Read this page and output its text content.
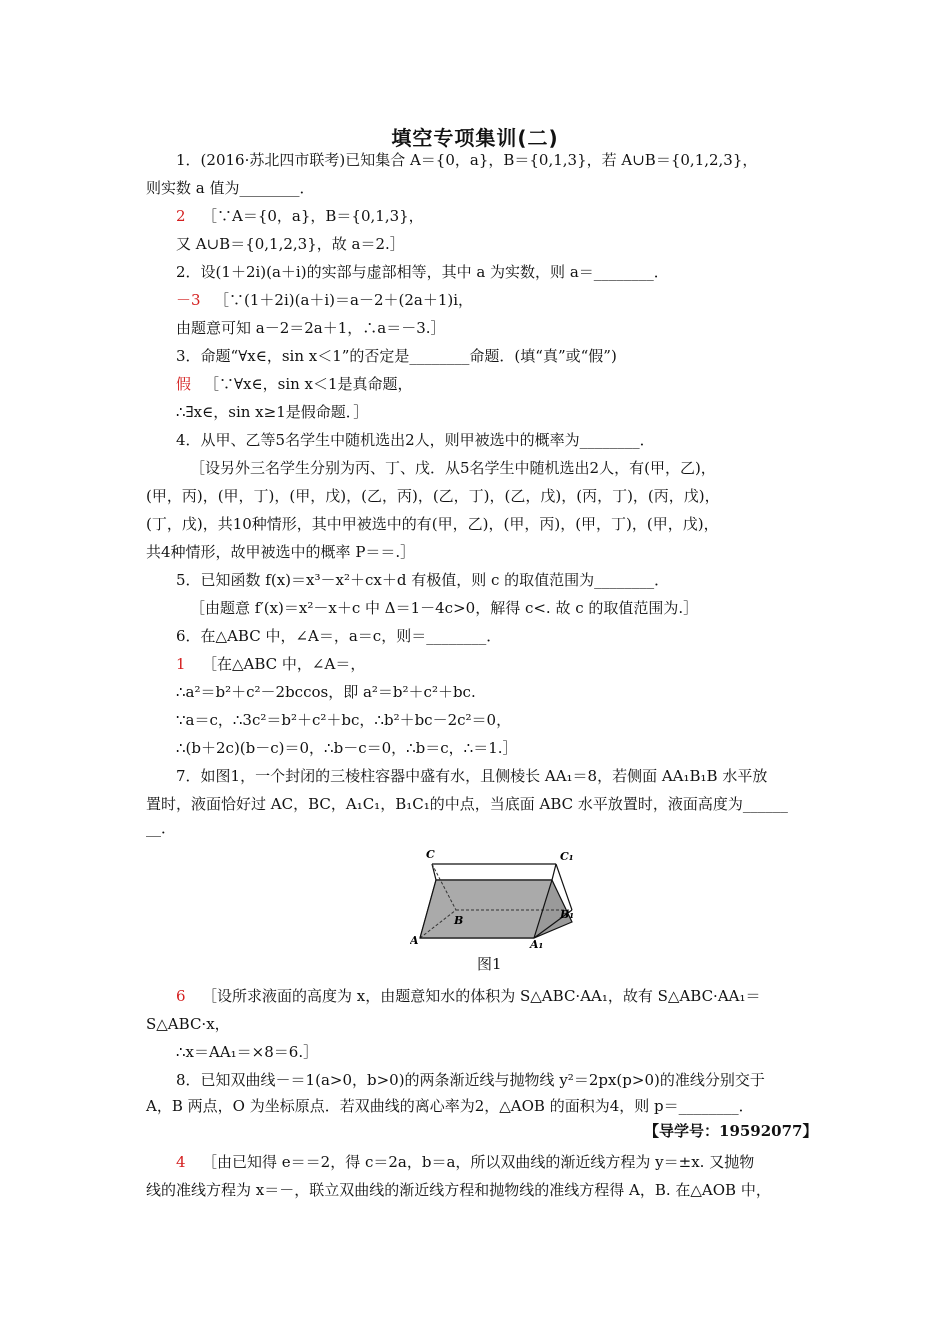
填空专项集训(二)
1．(2016·苏北四市联考)已知集合 A＝{0，a}，B＝{0,1,3}，若 A∪B＝{0,1,2,3}，
则实数 a 值为________．
2 ［∵A＝{0，a}，B＝{0,1,3}，
又 A∪B＝{0,1,2,3}，故 a＝2.］
2．设(1＋2i)(a＋i)的实部与虚部相等，其中 a 为实数，则 a＝________．
－3 ［∵(1＋2i)(a＋i)＝a－2＋(2a＋1)i，
由题意可知 a－2＝2a＋1，∴a＝－3.］
3．命题“∀x∈，sin x＜1”的否定是________命题．(填“真”或“假”)
假 ［∵∀x∈，sin x＜1是真命题，
∴∃x∈，sin x≥1是假命题．］
4．从甲、乙等5名学生中随机选出2人，则甲被选中的概率为________．
［设另外三名学生分别为丙、丁、戊．从5名学生中随机选出2人，有(甲，乙)，
(甲，丙)，(甲，丁)，(甲，戊)，(乙，丙)，(乙，丁)，(乙，戊)，(丙，丁)，(丙，戊)，
(丁，戊)，共10种情形，其中甲被选中的有(甲，乙)，(甲，丙)，(甲，丁)，(甲，戊)，
共4种情形，故甲被选中的概率 P＝＝.］
5．已知函数 f(x)＝x³－x²＋cx＋d 有极值，则 c 的取值范围为________．
［由题意 f′(x)＝x²－x＋c 中 Δ＝1－4c>0，解得 c<. 故 c 的取值范围为.］
6．在△ABC 中，∠A＝，a＝c，则＝________．
1 ［在△ABC 中，∠A＝，
∴a²＝b²＋c²－2bccos，即 a²＝b²＋c²＋bc.
∵a＝c，∴3c²＝b²＋c²＋bc，∴b²＋bc－2c²＝0，
∴(b＋2c)(b－c)＝0，∴b－c＝0，∴b＝c，∴＝1.］
7．如图1，一个封闭的三棱柱容器中盛有水，且侧棱长 AA₁＝8，若侧面 AA₁B₁B 水平放
置时，液面恰好过 AC，BC，A₁C₁，B₁C₁的中点，当底面 ABC 水平放置时，液面高度为______
__．
C	C₁
B	B₁
A	A₁
图1
6 ［设所求液面的高度为 x，由题意知水的体积为 S△ABC·AA₁，故有 S△ABC·AA₁＝
S△ABC·x，
∴x＝AA₁＝×8＝6.］
8．已知双曲线－＝1(a>0，b>0)的两条渐近线与抛物线 y²＝2px(p>0)的准线分别交于
A，B 两点，O 为坐标原点．若双曲线的离心率为2，△AOB 的面积为4，则 p＝________．
【导学号：19592077】
4 ［由已知得 e＝＝2，得 c＝2a，b＝a，所以双曲线的渐近线方程为 y＝±x. 又抛物
线的准线方程为 x＝－，联立双曲线的渐近线方程和抛物线的准线方程得 A，B. 在△AOB 中，
